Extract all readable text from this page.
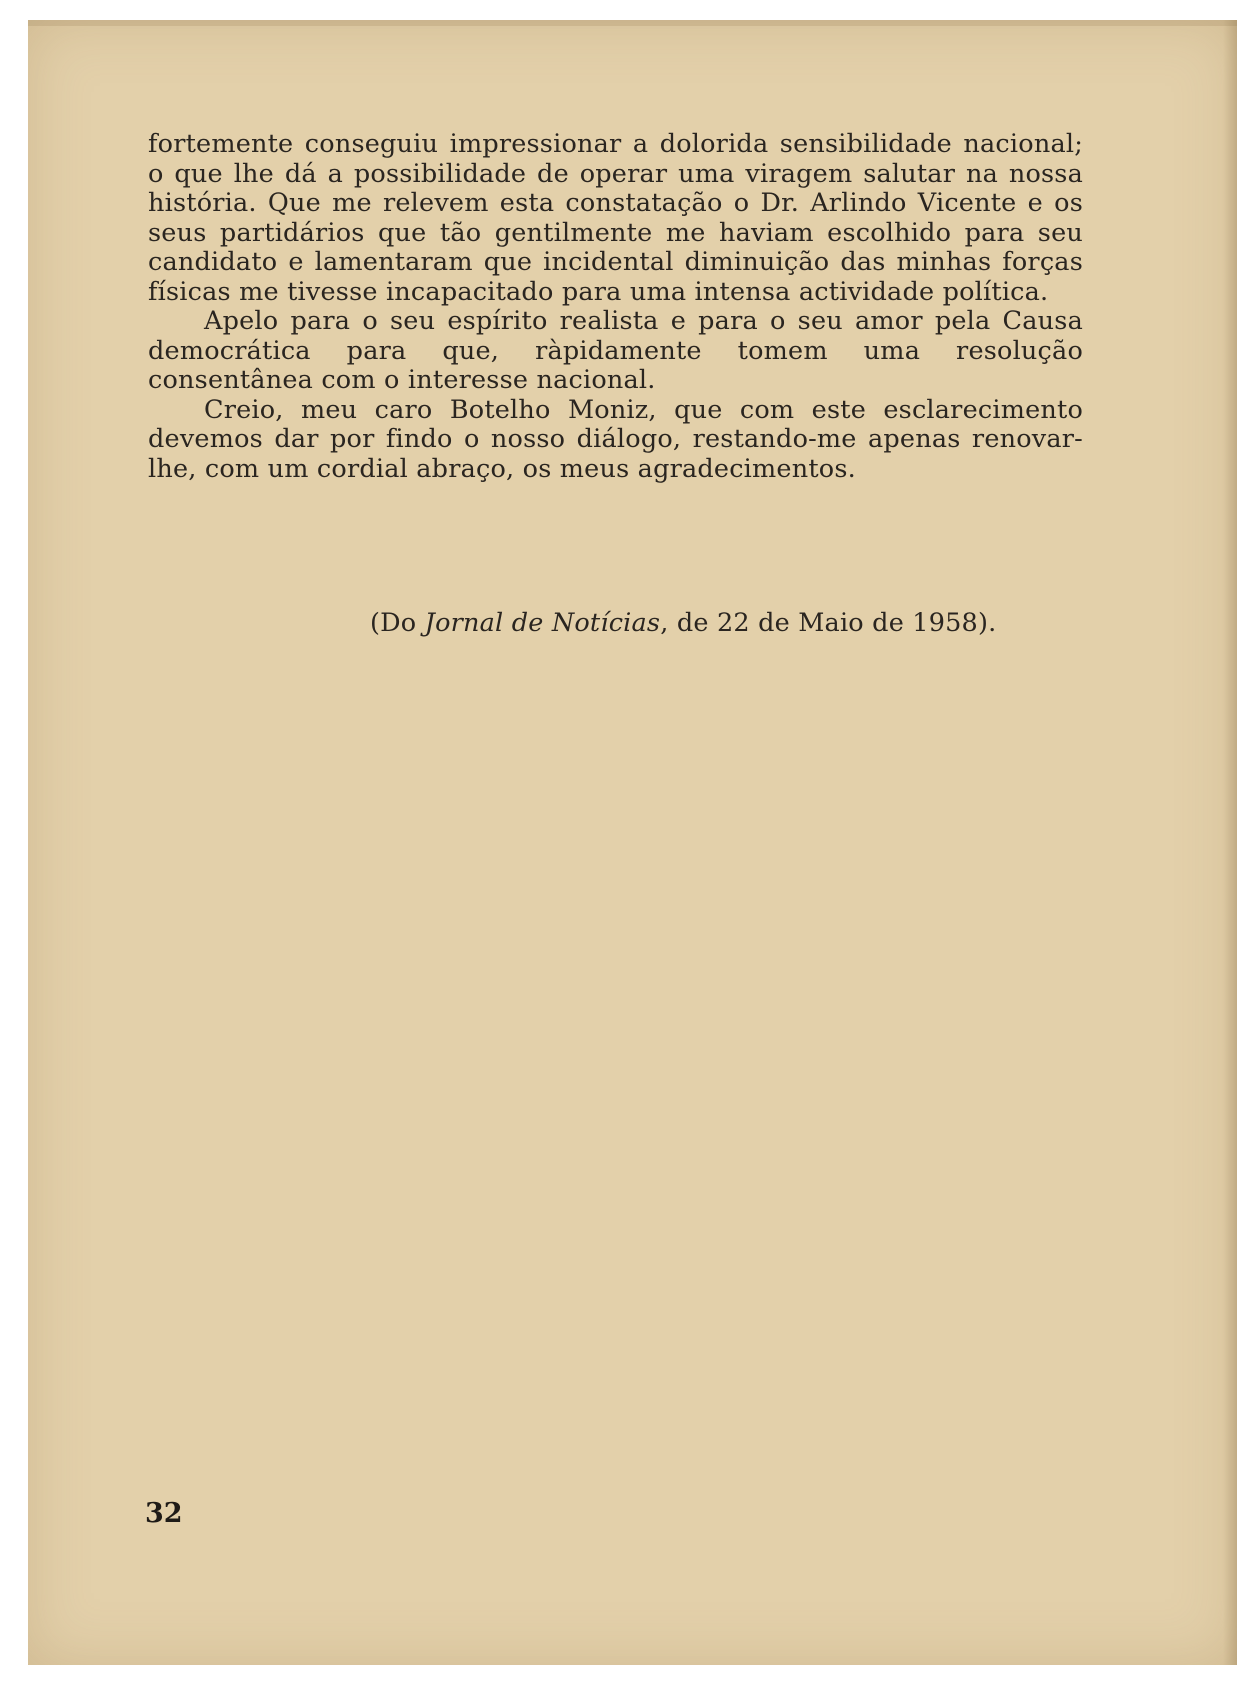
fortemente conseguiu impressionar a dolorida sensibilidade nacional; o que lhe dá a possibilidade de operar uma viragem salutar na nossa história. Que me relevem esta constatação o Dr. Arlindo Vicente e os seus partidários que tão gentilmente me haviam escolhido para seu candidato e lamentaram que incidental diminuição das minhas forças físicas me tivesse incapacitado para uma intensa actividade política.

Apelo para o seu espírito realista e para o seu amor pela Causa democrática para que, ràpidamente tomem uma resolução consentânea com o interesse nacional.

Creio, meu caro Botelho Moniz, que com este esclarecimento devemos dar por findo o nosso diálogo, restando-me apenas renovar-lhe, com um cordial abraço, os meus agradecimentos.

(Do Jornal de Notícias, de 22 de Maio de 1958).
32
